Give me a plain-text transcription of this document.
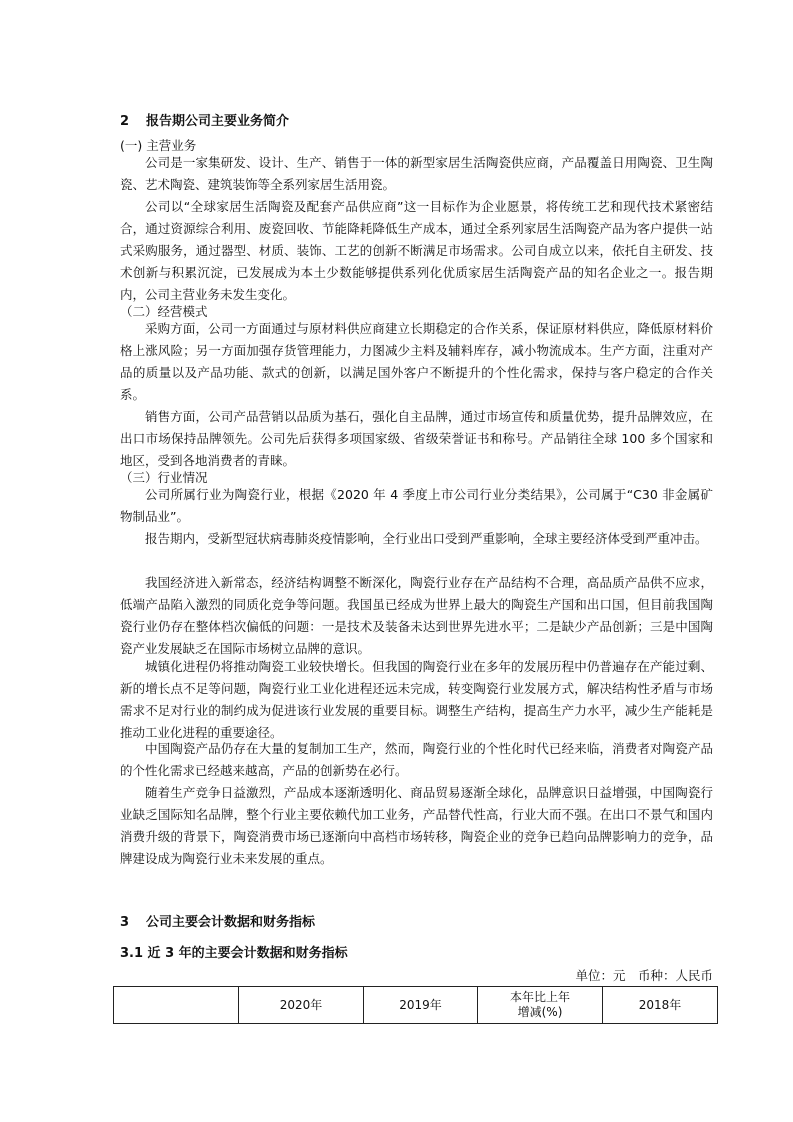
2 报告期公司主要业务简介
(一) 主营业务

公司是一家集研发、设计、生产、销售于一体的新型家居生活陶瓷供应商，产品覆盖日用陶瓷、卫生陶瓷、艺术陶瓷、建筑装饰等全系列家居生活用瓷。

公司以“全球家居生活陶瓷及配套产品供应商”这一目标作为企业愿景，将传统工艺和现代技术紧密结合，通过资源综合利用、废瓷回收、节能降耗降低生产成本，通过全系列家居生活陶瓷产品为客户提供一站式采购服务，通过器型、材质、装饰、工艺的创新不断满足市场需求。公司自成立以来，依托自主研发、技术创新与积累沉淀，已发展成为本土少数能够提供系列化优质家居生活陶瓷产品的知名企业之一。报告期内，公司主营业务未发生变化。

（二）经营模式

采购方面，公司一方面通过与原材料供应商建立长期稳定的合作关系，保证原材料供应，降低原材料价格上涨风险；另一方面加强存货管理能力，力图减少主料及辅料库存，减小物流成本。生产方面，注重对产品的质量以及产品功能、款式的创新，以满足国外客户不断提升的个性化需求，保持与客户稳定的合作关系。

销售方面，公司产品营销以品质为基石，强化自主品牌，通过市场宣传和质量优势，提升品牌效应，在出口市场保持品牌领先。公司先后获得多项国家级、省级荣誉证书和称号。产品销往全球 100 多个国家和地区，受到各地消费者的青睐。

（三）行业情况

公司所属行业为陶瓷行业，根据《2020 年 4 季度上市公司行业分类结果》，公司属于“C30 非金属矿物制品业”。

报告期内，受新型冠状病毒肺炎疫情影响，全行业出口受到严重影响，全球主要经济体受到严重冲击。

我国经济进入新常态，经济结构调整不断深化，陶瓷行业存在产品结构不合理，高品质产品供不应求，低端产品陷入激烈的同质化竞争等问题。我国虽已经成为世界上最大的陶瓷生产国和出口国，但目前我国陶瓷行业仍存在整体档次偏低的问题：一是技术及装备未达到世界先进水平；二是缺少产品创新；三是中国陶瓷产业发展缺乏在国际市场树立品牌的意识。

城镇化进程仍将推动陶瓷工业较快增长。但我国的陶瓷行业在多年的发展历程中仍普遍存在产能过剩、新的增长点不足等问题，陶瓷行业工业化进程还远未完成，转变陶瓷行业发展方式，解决结构性矛盾与市场需求不足对行业的制约成为促进该行业发展的重要目标。调整生产结构，提高生产力水平，减少生产能耗是推动工业化进程的重要途径。

中国陶瓷产品仍存在大量的复制加工生产，然而，陶瓷行业的个性化时代已经来临，消费者对陶瓷产品的个性化需求已经越来越高，产品的创新势在必行。

随着生产竞争日益激烈，产品成本逐渐透明化、商品贸易逐渐全球化，品牌意识日益增强，中国陶瓷行业缺乏国际知名品牌，整个行业主要依赖代加工业务，产品替代性高，行业大而不强。在出口不景气和国内消费升级的背景下，陶瓷消费市场已逐渐向中高档市场转移，陶瓷企业的竞争已趋向品牌影响力的竞争，品牌建设成为陶瓷行业未来发展的重点。

3 公司主要会计数据和财务指标
3.1 近 3 年的主要会计数据和财务指标
单位：元　币种：人民币
	2020年	2019年	本年比上年增减(%)	2018年
